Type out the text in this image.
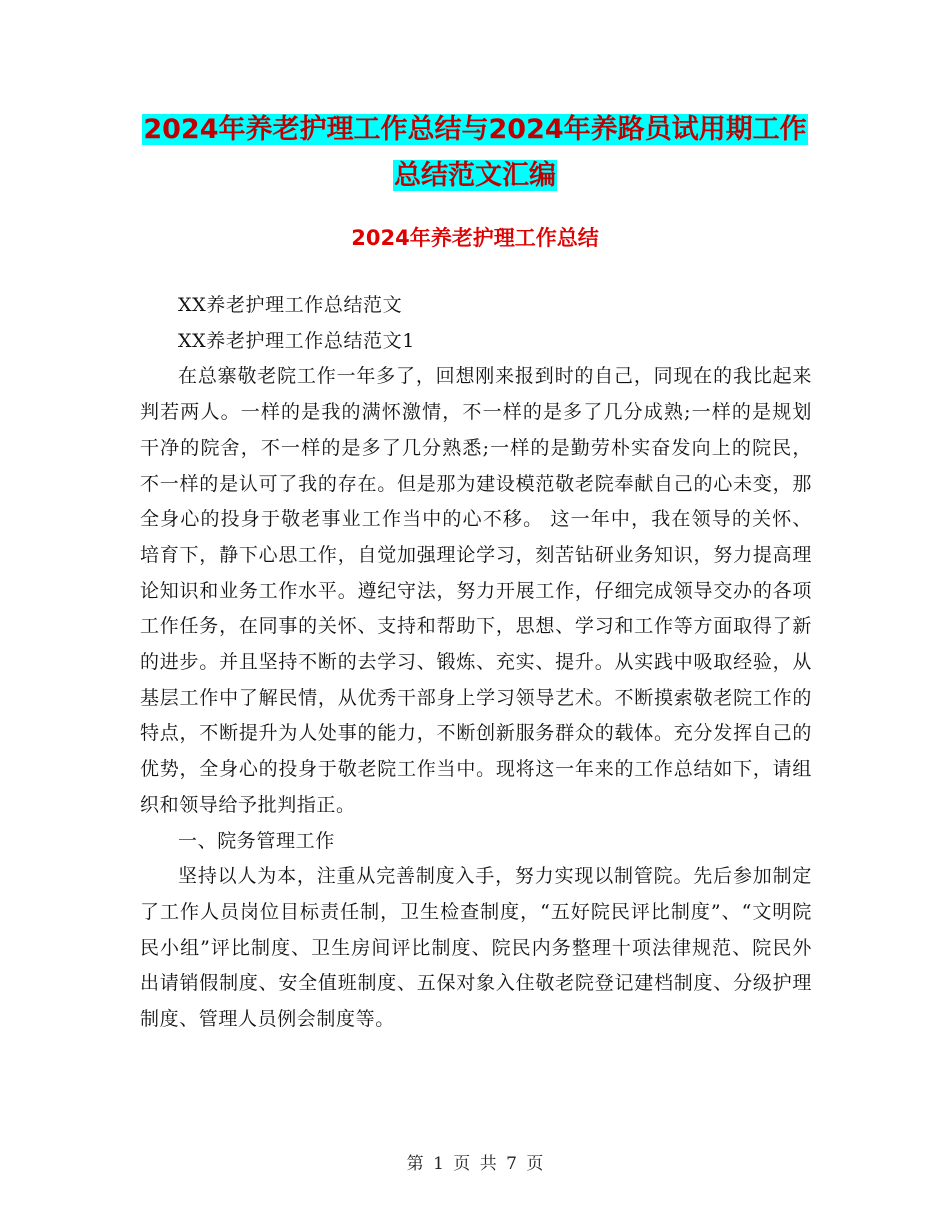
2024年养老护理工作总结与2024年养路员试用期工作
总结范文汇编
2024年养老护理工作总结

XX养老护理工作总结范文

XX养老护理工作总结范文1

在总寨敬老院工作一年多了，回想刚来报到时的自己，同现在的我比起来判若两人。一样的是我的满怀激情，不一样的是多了几分成熟;一样的是规划干净的院舍，不一样的是多了几分熟悉;一样的是勤劳朴实奋发向上的院民，不一样的是认可了我的存在。但是那为建设模范敬老院奉献自己的心未变，那全身心的投身于敬老事业工作当中的心不移。 这一年中，我在领导的关怀、培育下，静下心思工作，自觉加强理论学习，刻苦钻研业务知识，努力提高理论知识和业务工作水平。遵纪守法，努力开展工作，仔细完成领导交办的各项工作任务，在同事的关怀、支持和帮助下，思想、学习和工作等方面取得了新的进步。并且坚持不断的去学习、锻炼、充实、提升。从实践中吸取经验，从基层工作中了解民情，从优秀干部身上学习领导艺术。不断摸索敬老院工作的特点，不断提升为人处事的能力，不断创新服务群众的载体。充分发挥自己的优势，全身心的投身于敬老院工作当中。现将这一年来的工作总结如下，请组织和领导给予批判指正。

一、院务管理工作

坚持以人为本，注重从完善制度入手，努力实现以制管院。先后参加制定了工作人员岗位目标责任制，卫生检查制度，“五好院民评比制度”、“文明院民小组”评比制度、卫生房间评比制度、院民内务整理十项法律规范、院民外出请销假制度、安全值班制度、五保对象入住敬老院登记建档制度、分级护理制度、管理人员例会制度等。

第 1 页 共 7 页
